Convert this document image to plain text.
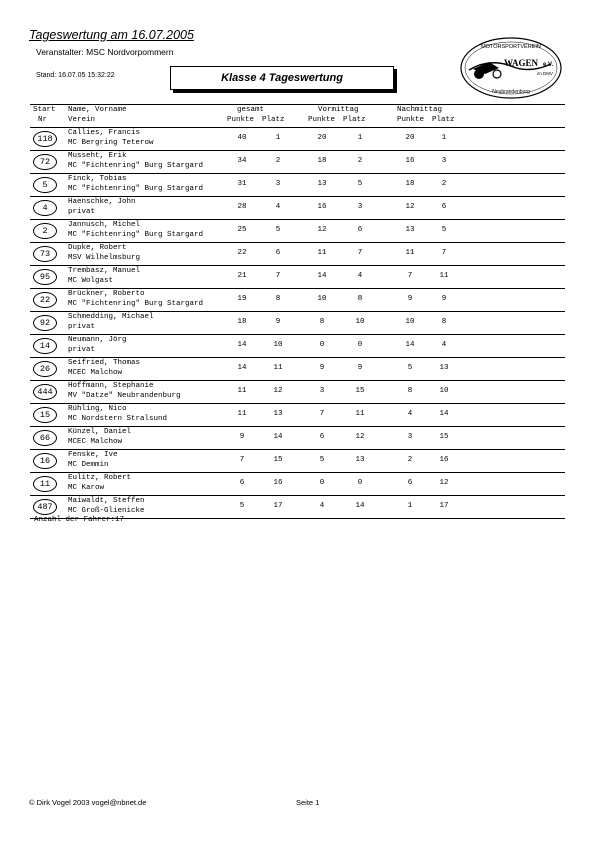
Tageswertung am 16.07.2005
Veranstalter: MSC Nordvorpommern
Stand: 16.07.05 15:32:22	Klasse 4 Tageswertung
MOTORSPORTVEREIN
WAGEN e.V.
im DMV
Neubrandenburg
Start
Nr
Name, Vorname
Verein
gesamt
Punkte Platz
Vormittag
Punkte Platz
Nachmittag
Punkte Platz
118
Callies, Francis
MC Bergring Teterow
40	1	20	1	20	1
72
Musseht, Erik
MC "Fichtenring" Burg Stargard
34	2	18	2	16	3
5
Finck, Tobias
MC "Fichtenring" Burg Stargard
31	3	13	5	18	2
4
Haenschke, John
privat
28	4	16	3	12	6
2
Jannusch, Michel
MC "Fichtenring" Burg Stargard
25	5	12	6	13	5
73
Dupke, Robert
MSV Wilhelmsburg
22	6	11	7	11	7
95
Trembasz, Manuel
MC Wolgast
21	7	14	4	7	11
22
Brückner, Roberto
MC "Fichtenring" Burg Stargard
19	8	10	8	9	9
92
Schmedding, Michael
privat
18	9	8	10	10	8
14
Neumann, Jörg
privat
14	10	0	0	14	4
26
Seifried, Thomas
MCEC Malchow
14	11	9	9	5	13
444
Hoffmann, Stephanie
MV "Datze" Neubrandenburg
11	12	3	15	8	10
15
Rühling, Nico
MC Nordstern Stralsund
11	13	7	11	4	14
66
Künzel, Daniel
MCEC Malchow
9	14	6	12	3	15
16
Fenske, Ive
MC Demmin
7	15	5	13	2	16
11
Eulitz, Robert
MC Karow
6	16	0	0	6	12
487
Maiwaldt, Steffen
MC Groß-Glienicke
5	17	4	14	1	17
Anzahl der Fahrer:17
© Dirk Vogel 2003 vogel@nbnet.de	Seite 1
